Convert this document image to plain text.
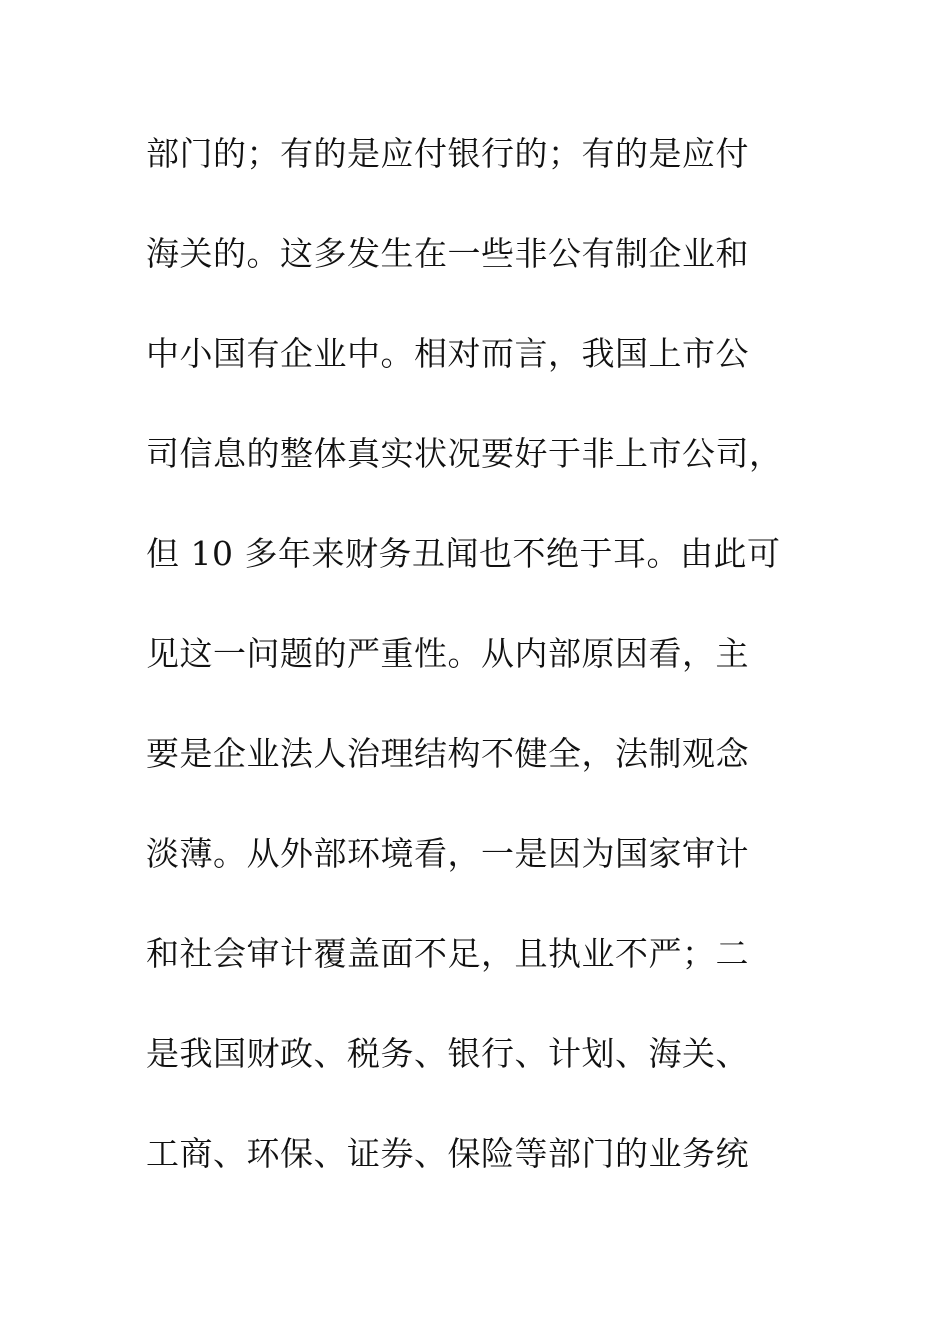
部门的；有的是应付银行的；有的是应付

海关的。这多发生在一些非公有制企业和

中小国有企业中。相对而言，我国上市公

司信息的整体真实状况要好于非上市公司，

但 10 多年来财务丑闻也不绝于耳。由此可

见这一问题的严重性。从内部原因看，主

要是企业法人治理结构不健全，法制观念

淡薄。从外部环境看，一是因为国家审计

和社会审计覆盖面不足，且执业不严；二

是我国财政、税务、银行、计划、海关、

工商、环保、证券、保险等部门的业务统
